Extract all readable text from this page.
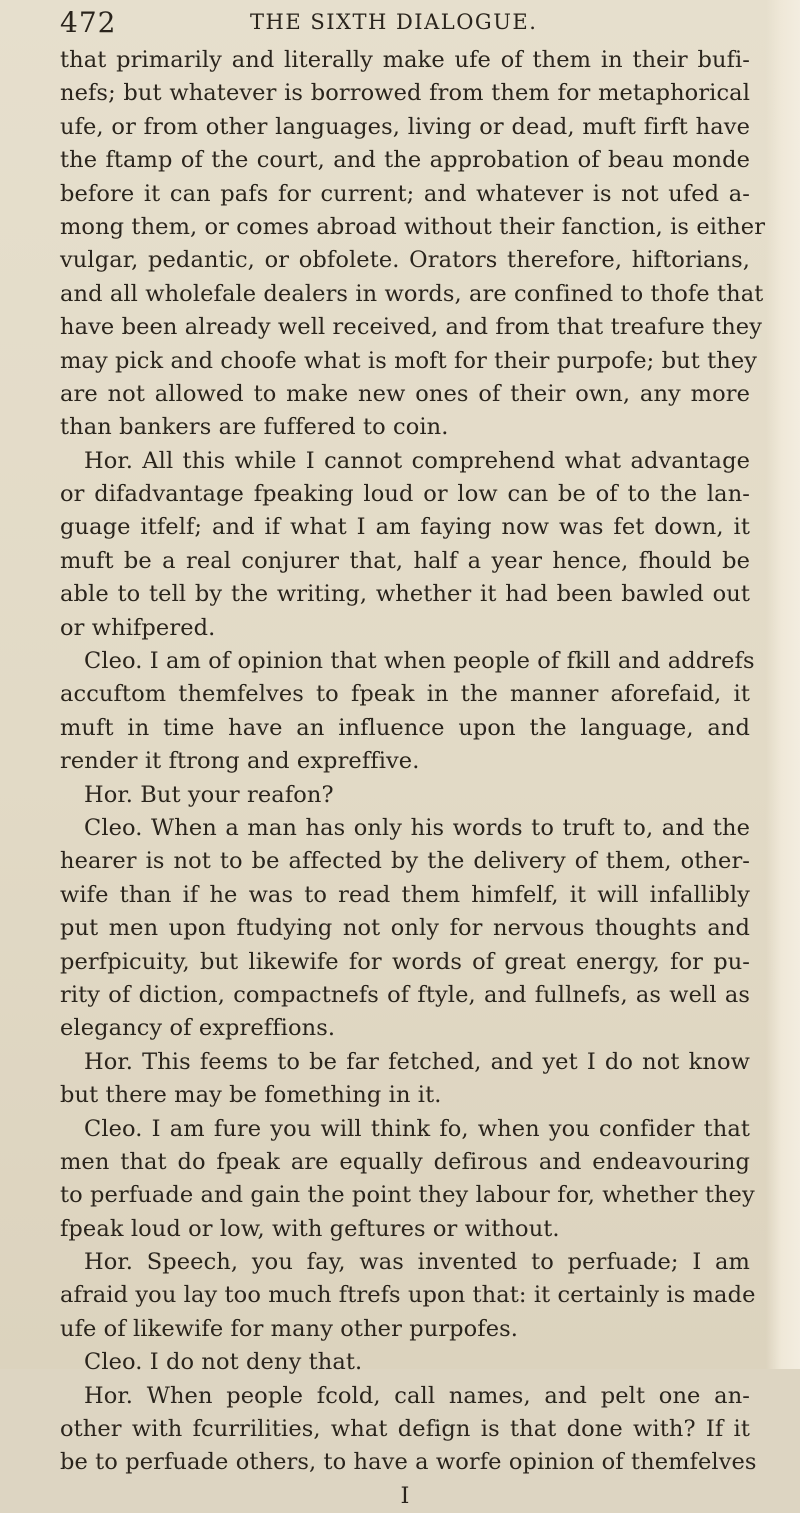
472	THE SIXTH DIALOGUE.
that primarily and literally make ufe of them in their bufi-
nefs; but whatever is borrowed from them for metaphorical
ufe, or from other languages, living or dead, muft firft have
the ftamp of the court, and the approbation of beau monde
before it can pafs for current; and whatever is not ufed a-
mong them, or comes abroad without their fanction, is either
vulgar, pedantic, or obfolete. Orators therefore, hiftorians,
and all wholefale dealers in words, are confined to thofe that
have been already well received, and from that treafure they
may pick and choofe what is moft for their purpofe; but they
are not allowed to make new ones of their own, any more
than bankers are fuffered to coin.
Hor. All this while I cannot comprehend what advantage
or difadvantage fpeaking loud or low can be of to the lan-
guage itfelf; and if what I am faying now was fet down, it
muft be a real conjurer that, half a year hence, fhould be
able to tell by the writing, whether it had been bawled out
or whifpered.
Cleo. I am of opinion that when people of fkill and addrefs
accuftom themfelves to fpeak in the manner aforefaid, it
muft in time have an influence upon the language, and
render it ftrong and expreffive.
Hor. But your reafon?
Cleo. When a man has only his words to truft to, and the
hearer is not to be affected by the delivery of them, other-
wife than if he was to read them himfelf, it will infallibly
put men upon ftudying not only for nervous thoughts and
perfpicuity, but likewife for words of great energy, for pu-
rity of diction, compactnefs of ftyle, and fullnefs, as well as
elegancy of expreffions.
Hor. This feems to be far fetched, and yet I do not know
but there may be fomething in it.
Cleo. I am fure you will think fo, when you confider that
men that do fpeak are equally defirous and endeavouring
to perfuade and gain the point they labour for, whether they
fpeak loud or low, with geftures or without.
Hor. Speech, you fay, was invented to perfuade; I am
afraid you lay too much ftrefs upon that: it certainly is made
ufe of likewife for many other purpofes.
Cleo. I do not deny that.
Hor. When people fcold, call names, and pelt one an-
other with fcurrilities, what defign is that done with? If it
be to perfuade others, to have a worfe opinion of themfelves
I
